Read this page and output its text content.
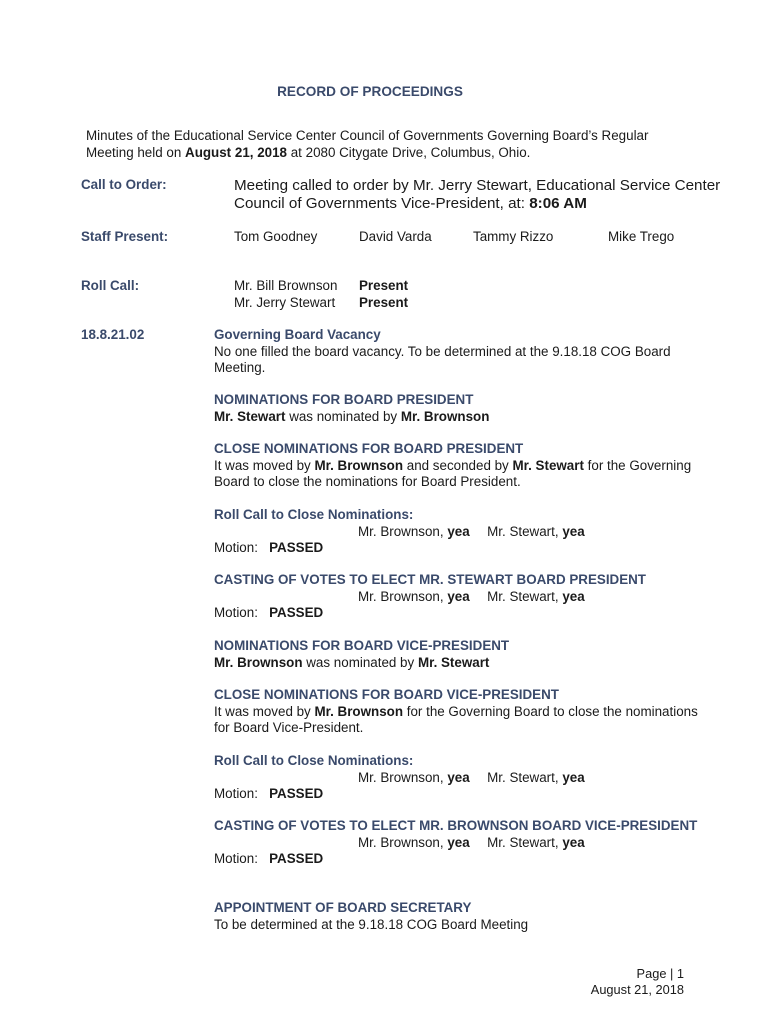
RECORD OF PROCEEDINGS
Minutes of the Educational Service Center Council of Governments Governing Board’s Regular
Meeting held on August 21, 2018 at 2080 Citygate Drive, Columbus, Ohio.
Call to Order:	Meeting called to order by Mr. Jerry Stewart, Educational Service Center
Council of Governments Vice-President, at: 8:06 AM
Staff Present:	Tom Goodney	David Varda	Tammy Rizzo	Mike Trego
Roll Call:	Mr. Bill Brownson Present
Mr. Jerry Stewart Present
18.8.21.02	Governing Board Vacancy
No one filled the board vacancy. To be determined at the 9.18.18 COG Board
Meeting.
NOMINATIONS FOR BOARD PRESIDENT
Mr. Stewart was nominated by Mr. Brownson
CLOSE NOMINATIONS FOR BOARD PRESIDENT
It was moved by Mr. Brownson and seconded by Mr. Stewart for the Governing
Board to close the nominations for Board President.
Roll Call to Close Nominations:
Mr. Brownson, yea Mr. Stewart, yea
Motion: PASSED
CASTING OF VOTES TO ELECT MR. STEWART BOARD PRESIDENT
Mr. Brownson, yea Mr. Stewart, yea
Motion: PASSED
NOMINATIONS FOR BOARD VICE-PRESIDENT
Mr. Brownson was nominated by Mr. Stewart
CLOSE NOMINATIONS FOR BOARD VICE-PRESIDENT
It was moved by Mr. Brownson for the Governing Board to close the nominations
for Board Vice-President.
Roll Call to Close Nominations:
Mr. Brownson, yea Mr. Stewart, yea
Motion: PASSED
CASTING OF VOTES TO ELECT MR. BROWNSON BOARD VICE-PRESIDENT
Mr. Brownson, yea Mr. Stewart, yea
Motion: PASSED
APPOINTMENT OF BOARD SECRETARY
To be determined at the 9.18.18 COG Board Meeting
Page | 1
August 21, 2018
